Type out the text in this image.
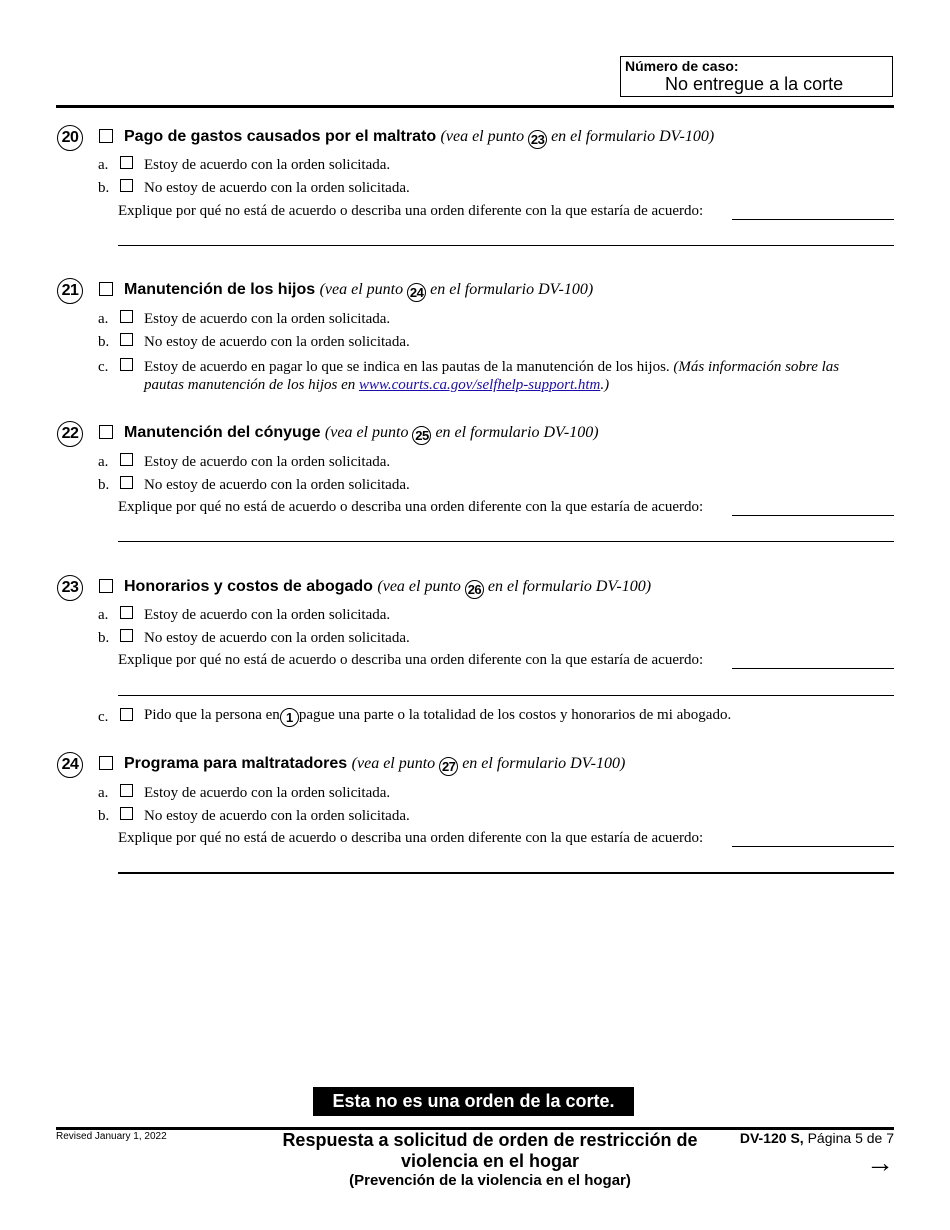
Número de caso:
No entregue a la corte
20	Pago de gastos causados por el maltrato (vea el punto 23 en el formulario DV-100)
a. Estoy de acuerdo con la orden solicitada.
b. No estoy de acuerdo con la orden solicitada.
Explique por qué no está de acuerdo o describa una orden diferente con la que estaría de acuerdo:
21	Manutención de los hijos (vea el punto 24 en el formulario DV-100)
a. Estoy de acuerdo con la orden solicitada.
b. No estoy de acuerdo con la orden solicitada.
c. Estoy de acuerdo en pagar lo que se indica en las pautas de la manutención de los hijos. (Más información sobre las
pautas manutención de los hijos en www.courts.ca.gov/selfhelp-support.htm.)
22	Manutención del cónyuge (vea el punto 25 en el formulario DV-100)
a. Estoy de acuerdo con la orden solicitada.
b. No estoy de acuerdo con la orden solicitada.
Explique por qué no está de acuerdo o describa una orden diferente con la que estaría de acuerdo:
23	Honorarios y costos de abogado (vea el punto 26 en el formulario DV-100)
a. Estoy de acuerdo con la orden solicitada.
b. No estoy de acuerdo con la orden solicitada.
Explique por qué no está de acuerdo o describa una orden diferente con la que estaría de acuerdo:
c. Pido que la persona en 1 pague una parte o la totalidad de los costos y honorarios de mi abogado.
24	Programa para maltratadores (vea el punto 27 en el formulario DV-100)
a. Estoy de acuerdo con la orden solicitada.
b. No estoy de acuerdo con la orden solicitada.
Explique por qué no está de acuerdo o describa una orden diferente con la que estaría de acuerdo:
Esta no es una orden de la corte.
Revised January 1, 2022	Respuesta a solicitud de orden de restricción de
violencia en el hogar
(Prevención de la violencia en el hogar)
DV-120 S, Página 5 de 7
→
